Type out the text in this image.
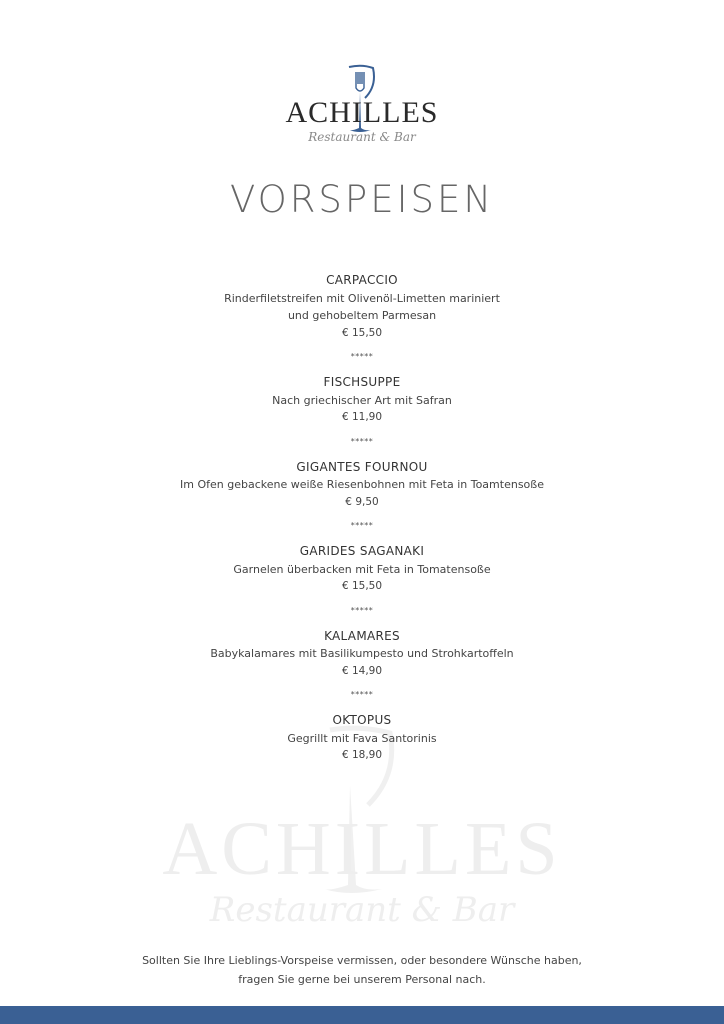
ACHILLES
Restaurant & Bar
VORSPEISEN
ACHILLES
Restaurant & Bar
CARPACCIO
Rinderfiletstreifen mit Olivenöl-Limetten mariniert
und gehobeltem Parmesan
€ 15,50
*****
FISCHSUPPE
Nach griechischer Art mit Safran
€ 11,90
*****
GIGANTES FOURNOU
Im Ofen gebackene weiße Riesenbohnen mit Feta in Toamtensoße
€ 9,50
*****
GARIDES SAGANAKI
Garnelen überbacken mit Feta in Tomatensoße
€ 15,50
*****
KALAMARES
Babykalamares mit Basilikumpesto und Strohkartoffeln
€ 14,90
*****
OKTOPUS
Gegrillt mit Fava Santorinis
€ 18,90
Sollten Sie Ihre Lieblings-Vorspeise vermissen, oder besondere Wünsche haben,
fragen Sie gerne bei unserem Personal nach.
